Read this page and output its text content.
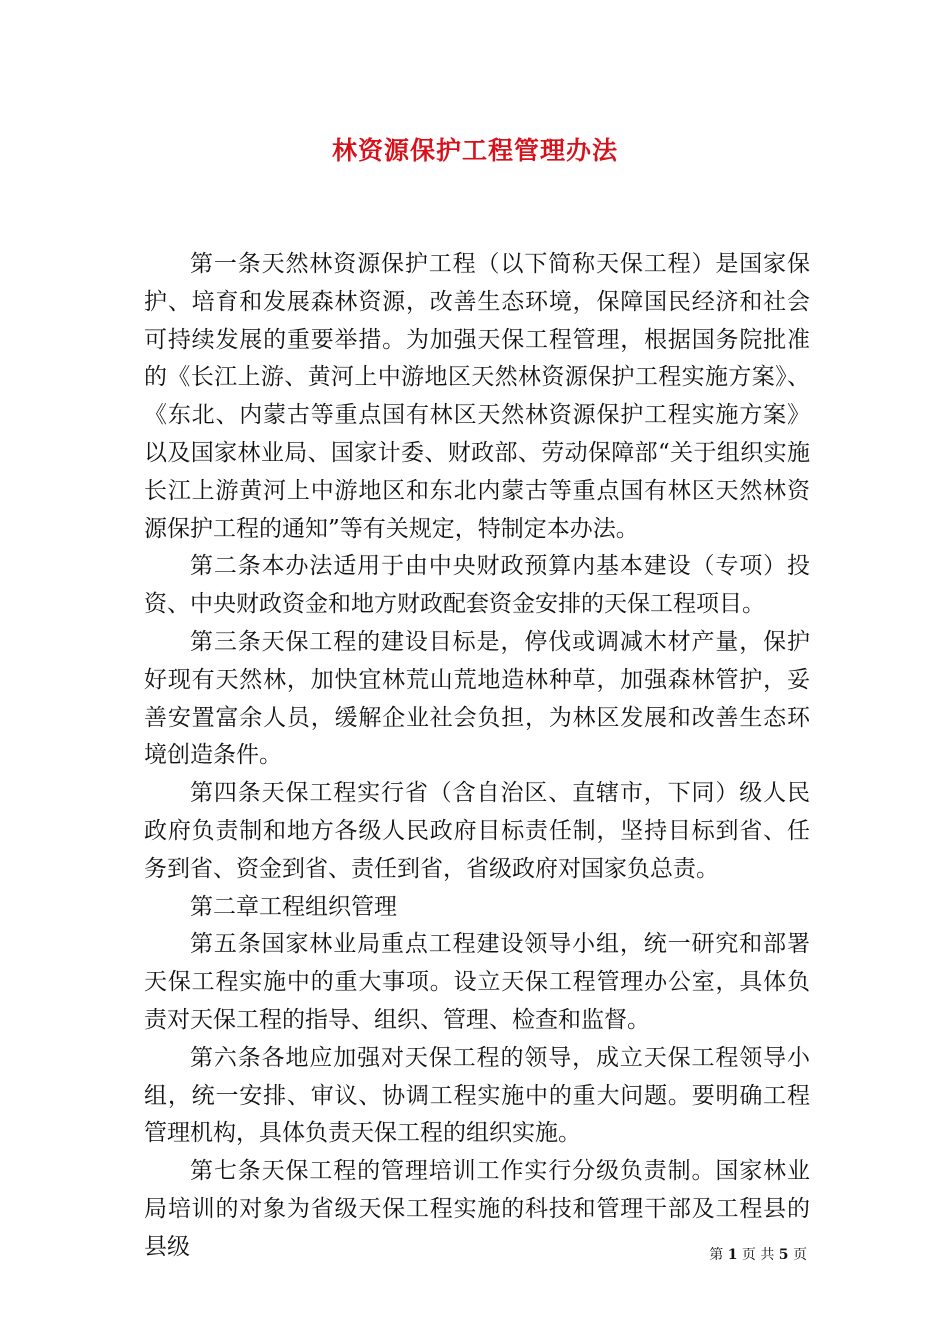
林资源保护工程管理办法

第一条天然林资源保护工程（以下简称天保工程）是国家保护、培育和发展森林资源，改善生态环境，保障国民经济和社会可持续发展的重要举措。为加强天保工程管理，根据国务院批准的《长江上游、黄河上中游地区天然林资源保护工程实施方案》、《东北、内蒙古等重点国有林区天然林资源保护工程实施方案》以及国家林业局、国家计委、财政部、劳动保障部“关于组织实施长江上游黄河上中游地区和东北内蒙古等重点国有林区天然林资源保护工程的通知”等有关规定，特制定本办法。

第二条本办法适用于由中央财政预算内基本建设（专项）投资、中央财政资金和地方财政配套资金安排的天保工程项目。

第三条天保工程的建设目标是，停伐或调减木材产量，保护好现有天然林，加快宜林荒山荒地造林种草，加强森林管护，妥善安置富余人员，缓解企业社会负担，为林区发展和改善生态环境创造条件。

第四条天保工程实行省（含自治区、直辖市，下同）级人民政府负责制和地方各级人民政府目标责任制，坚持目标到省、任务到省、资金到省、责任到省，省级政府对国家负总责。

第二章工程组织管理

第五条国家林业局重点工程建设领导小组，统一研究和部署天保工程实施中的重大事项。设立天保工程管理办公室，具体负责对天保工程的指导、组织、管理、检查和监督。

第六条各地应加强对天保工程的领导，成立天保工程领导小组，统一安排、审议、协调工程实施中的重大问题。要明确工程管理机构，具体负责天保工程的组织实施。

第七条天保工程的管理培训工作实行分级负责制。国家林业局培训的对象为省级天保工程实施的科技和管理干部及工程县的县级	第 1 页 共 5 页
